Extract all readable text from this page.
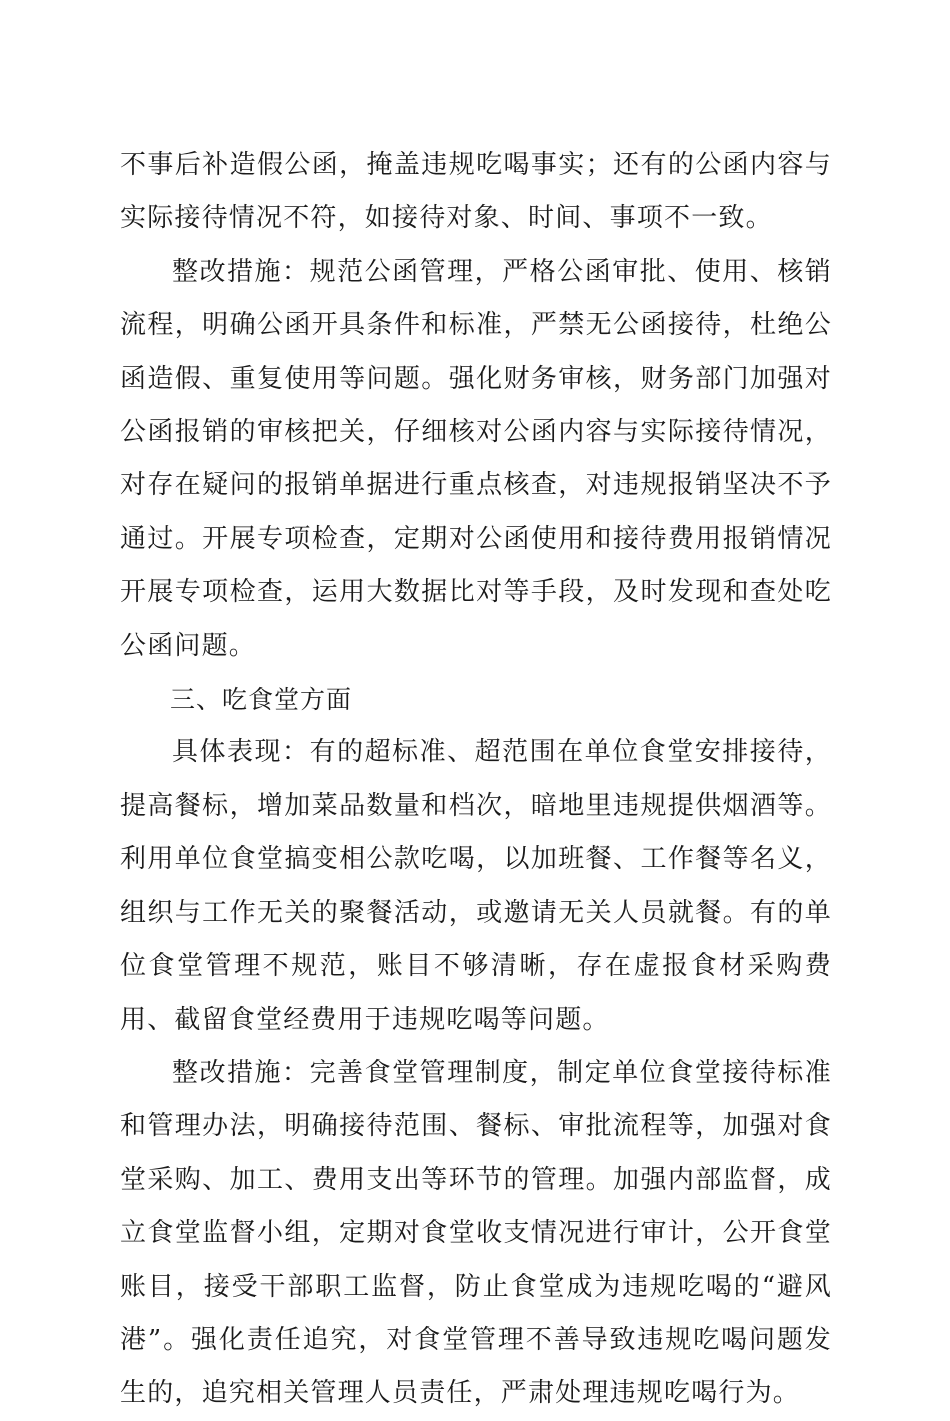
不事后补造假公函，掩盖违规吃喝事实；还有的公函内容与实际接待情况不符，如接待对象、时间、事项不一致。

整改措施：规范公函管理，严格公函审批、使用、核销流程，明确公函开具条件和标准，严禁无公函接待，杜绝公函造假、重复使用等问题。强化财务审核，财务部门加强对公函报销的审核把关，仔细核对公函内容与实际接待情况，对存在疑问的报销单据进行重点核查，对违规报销坚决不予通过。开展专项检查，定期对公函使用和接待费用报销情况开展专项检查，运用大数据比对等手段，及时发现和查处吃公函问题。

三、吃食堂方面

具体表现：有的超标准、超范围在单位食堂安排接待，提高餐标，增加菜品数量和档次，暗地里违规提供烟酒等。利用单位食堂搞变相公款吃喝，以加班餐、工作餐等名义，组织与工作无关的聚餐活动，或邀请无关人员就餐。有的单位食堂管理不规范，账目不够清晰，存在虚报食材采购费用、截留食堂经费用于违规吃喝等问题。

整改措施：完善食堂管理制度，制定单位食堂接待标准和管理办法，明确接待范围、餐标、审批流程等，加强对食堂采购、加工、费用支出等环节的管理。加强内部监督，成立食堂监督小组，定期对食堂收支情况进行审计，公开食堂账目，接受干部职工监督，防止食堂成为违规吃喝的“避风港”。强化责任追究，对食堂管理不善导致违规吃喝问题发生的，追究相关管理人员责任，严肃处理违规吃喝行为。
